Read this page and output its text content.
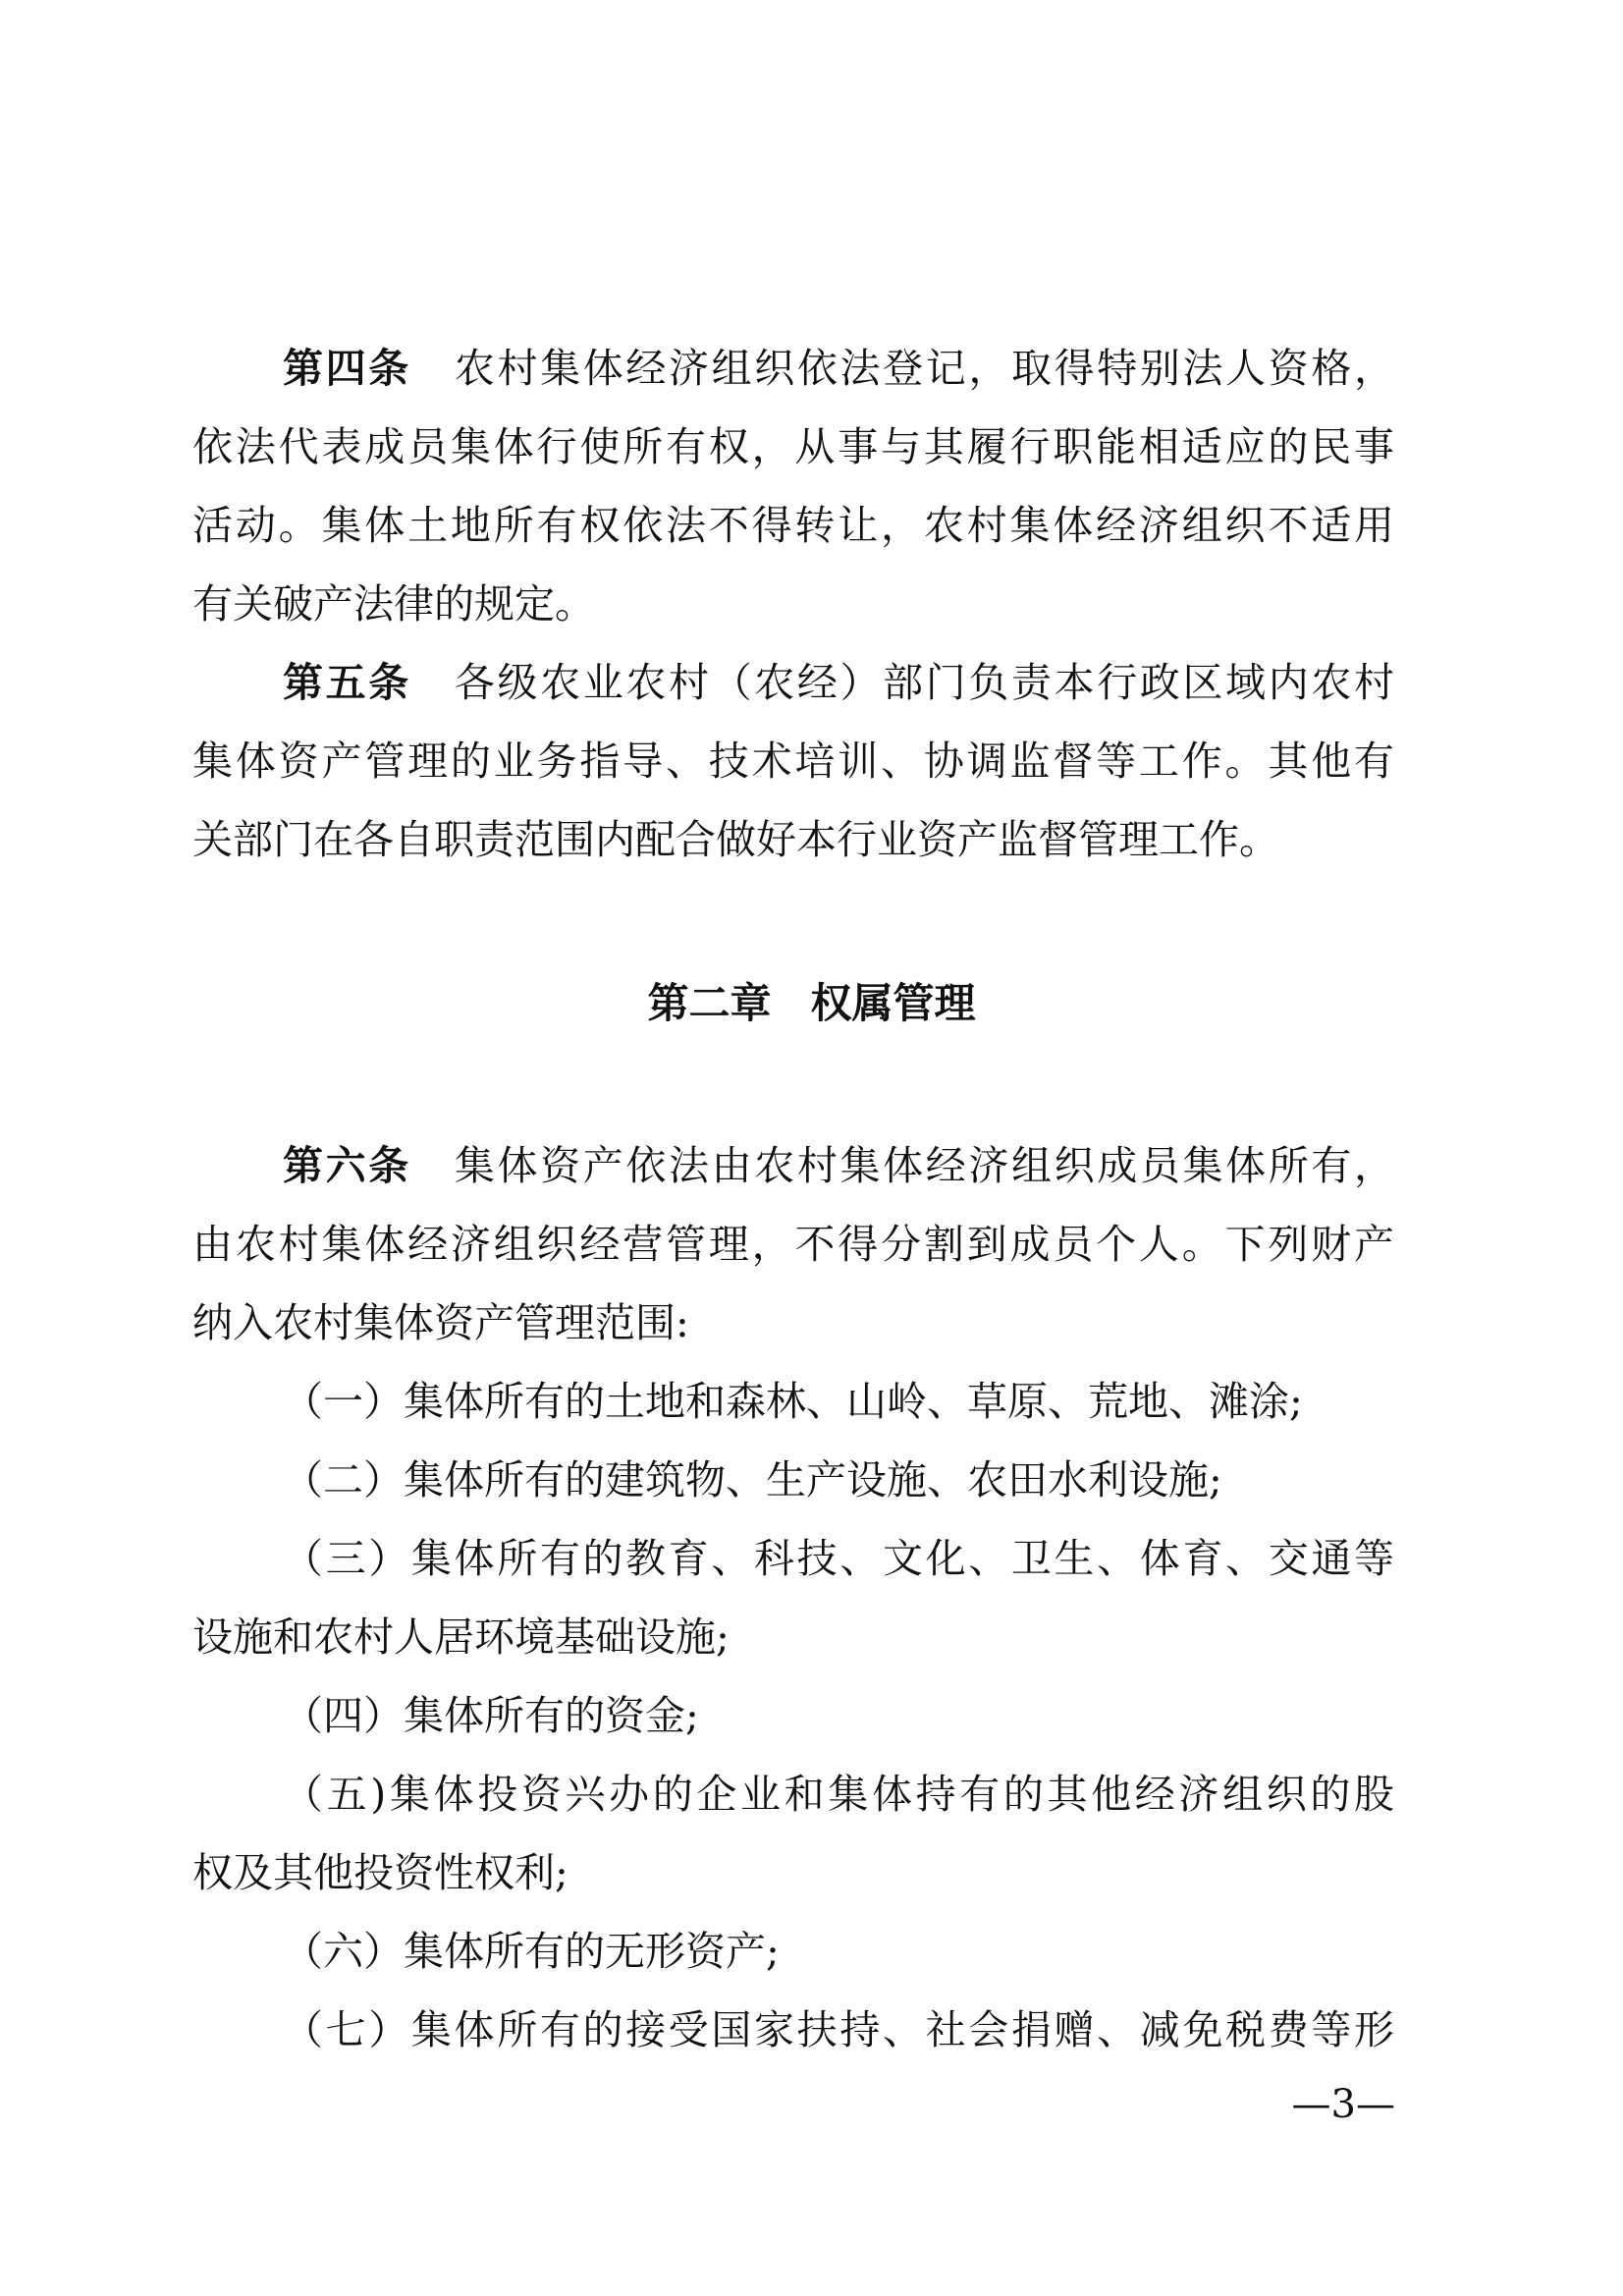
第四条 农村集体经济组织依法登记，取得特别法人资格，
依法代表成员集体行使所有权，从事与其履行职能相适应的民事
活动。集体土地所有权依法不得转让，农村集体经济组织不适用
有关破产法律的规定。
第五条 各级农业农村（农经）部门负责本行政区域内农村
集体资产管理的业务指导、技术培训、协调监督等工作。其他有
关部门在各自职责范围内配合做好本行业资产监督管理工作。
第二章 权属管理
第六条 集体资产依法由农村集体经济组织成员集体所有，
由农村集体经济组织经营管理，不得分割到成员个人。下列财产
纳入农村集体资产管理范围:
（一）集体所有的土地和森林、山岭、草原、荒地、滩涂;
（二）集体所有的建筑物、生产设施、农田水利设施;
（三）集体所有的教育、科技、文化、卫生、体育、交通等
设施和农村人居环境基础设施;
（四）集体所有的资金;
（五)集体投资兴办的企业和集体持有的其他经济组织的股
权及其他投资性权利;
（六）集体所有的无形资产;
（七）集体所有的接受国家扶持、社会捐赠、减免税费等形
—3—
